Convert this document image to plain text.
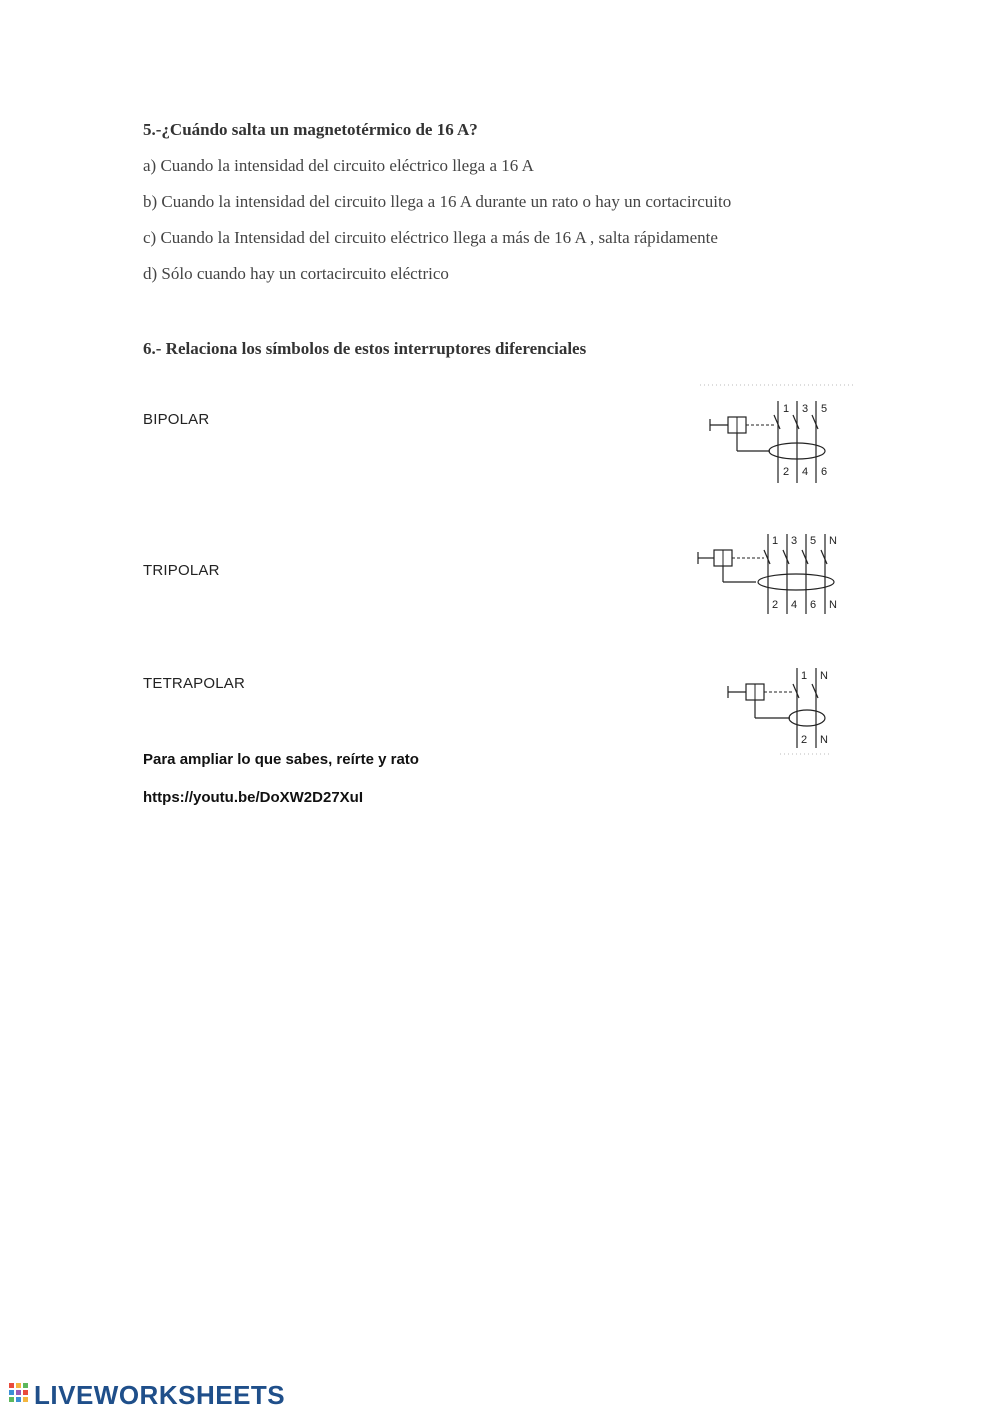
5.-¿Cuándo salta un magnetotérmico de 16 A?
a) Cuando la intensidad del circuito eléctrico llega a 16 A
b) Cuando la intensidad del circuito llega a 16 A durante un rato o hay un cortacircuito
c) Cuando la Intensidad del circuito eléctrico llega a más de 16 A , salta rápidamente
d) Sólo cuando hay un cortacircuito eléctrico
6.- Relaciona los símbolos de estos interruptores diferenciales
BIPOLAR
TRIPOLAR
TETRAPOLAR
1 3 5
2 4 6
1 3 5 N
2 4 6 N
1 N
2 N
Para ampliar lo que sabes, reírte y rato
https://youtu.be/DoXW2D27XuI
LIVEWORKSHEETS
